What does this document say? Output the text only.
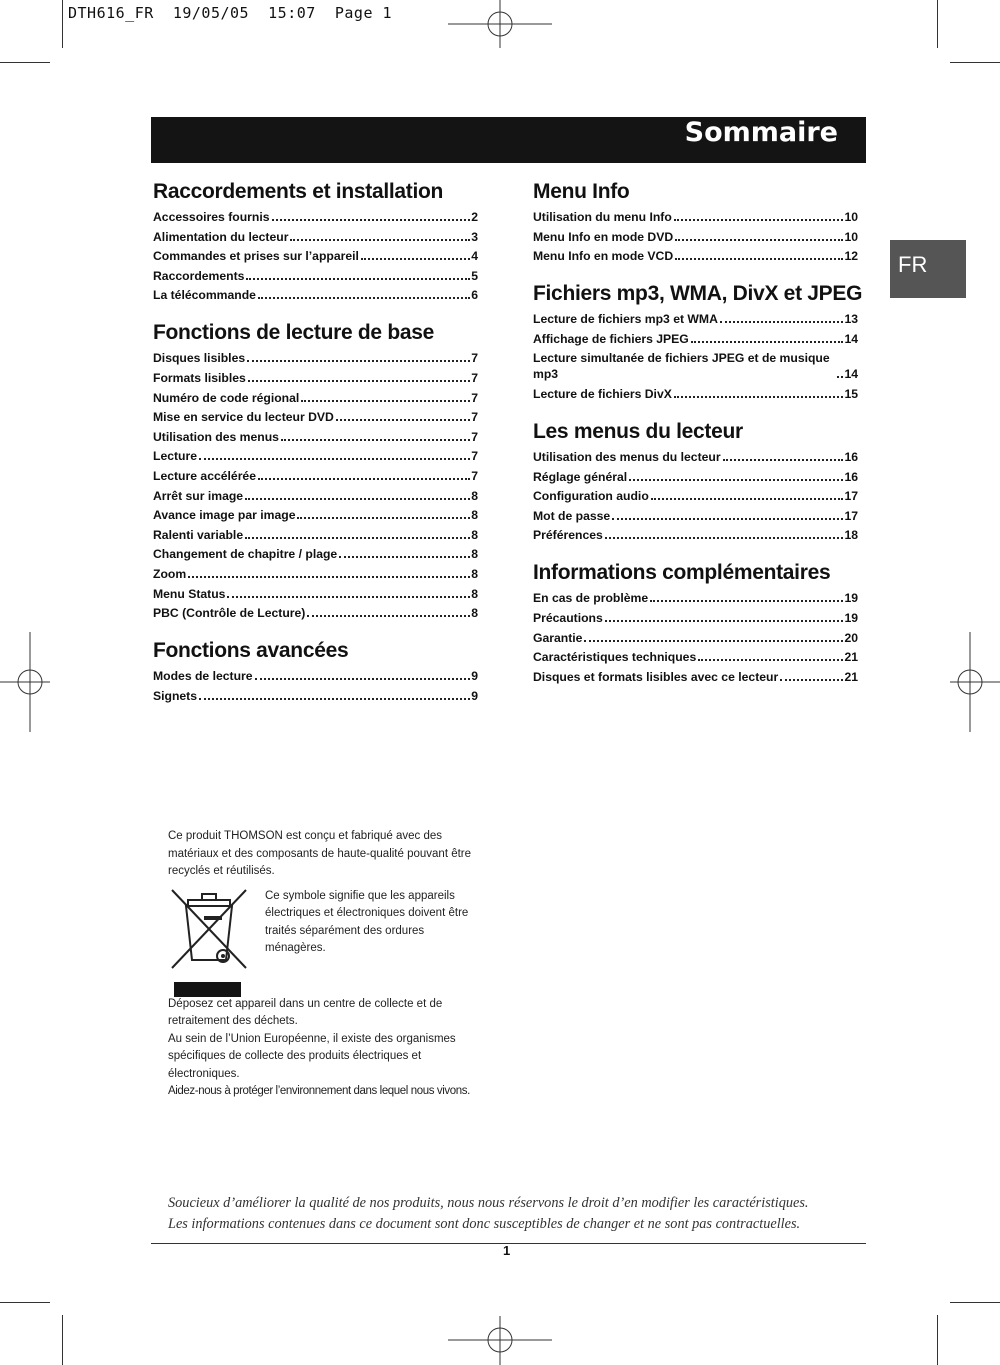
DTH616_FR  19/05/05  15:07  Page 1
Sommaire
FR
Raccordements et installation
Accessoires fournis	2
Alimentation du lecteur	3
Commandes et prises sur l’appareil	4
Raccordements	5
La télécommande	6
Fonctions de lecture de base
Disques lisibles	7
Formats lisibles	7
Numéro de code régional	7
Mise en service du lecteur DVD	7
Utilisation des menus	7
Lecture	7
Lecture accélérée	7
Arrêt sur image	8
Avance image par image	8
Ralenti variable	8
Changement de chapitre / plage	8
Zoom	8
Menu Status	8
PBC (Contrôle de Lecture)	8
Fonctions avancées
Modes de lecture	9
Signets	9
Menu Info
Utilisation du menu Info	10
Menu Info en mode DVD	10
Menu Info en mode VCD	12
Fichiers mp3, WMA, DivX et JPEG
Lecture de fichiers mp3 et WMA	13
Affichage de fichiers JPEG	14
Lecture simultanée de fichiers JPEG et de musique mp3	14
Lecture de fichiers DivX	15
Les menus du lecteur
Utilisation des menus du lecteur	16
Réglage général	16
Configuration audio	17
Mot de passe	17
Préférences	18
Informations complémentaires
En cas de problème	19
Précautions	19
Garantie	20
Caractéristiques techniques	21
Disques et formats lisibles avec ce lecteur	21

Ce produit THOMSON est conçu et fabriqué avec des matériaux et des composants de haute-qualité pouvant être recyclés et réutilisés.

Ce symbole signifie que les appareils électriques et électroniques doivent être traités séparément des ordures ménagères.

Déposez cet appareil dans un centre de collecte et de retraitement des déchets.
Au sein de l’Union Européenne, il existe des organismes spécifiques de collecte des produits électriques et électroniques.
Aidez-nous à protéger l’environnement dans lequel nous vivons.

Soucieux d’améliorer la qualité de nos produits, nous nous réservons le droit d’en modifier les caractéristiques.
Les informations contenues dans ce document sont donc susceptibles de changer et ne sont pas contractuelles.
1
